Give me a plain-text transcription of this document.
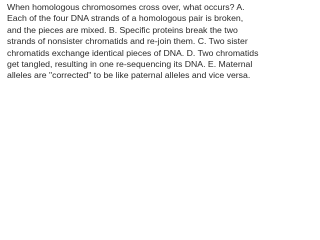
When homologous chromosomes cross over, what occurs? A. Each of the four DNA strands of a homologous pair is broken, and the pieces are mixed. B. Specific proteins break the two strands of nonsister chromatids and re-join them. C. Two sister chromatids exchange identical pieces of DNA. D. Two chromatids get tangled, resulting in one re-sequencing its DNA. E. Maternal alleles are "corrected" to be like paternal alleles and vice versa.
